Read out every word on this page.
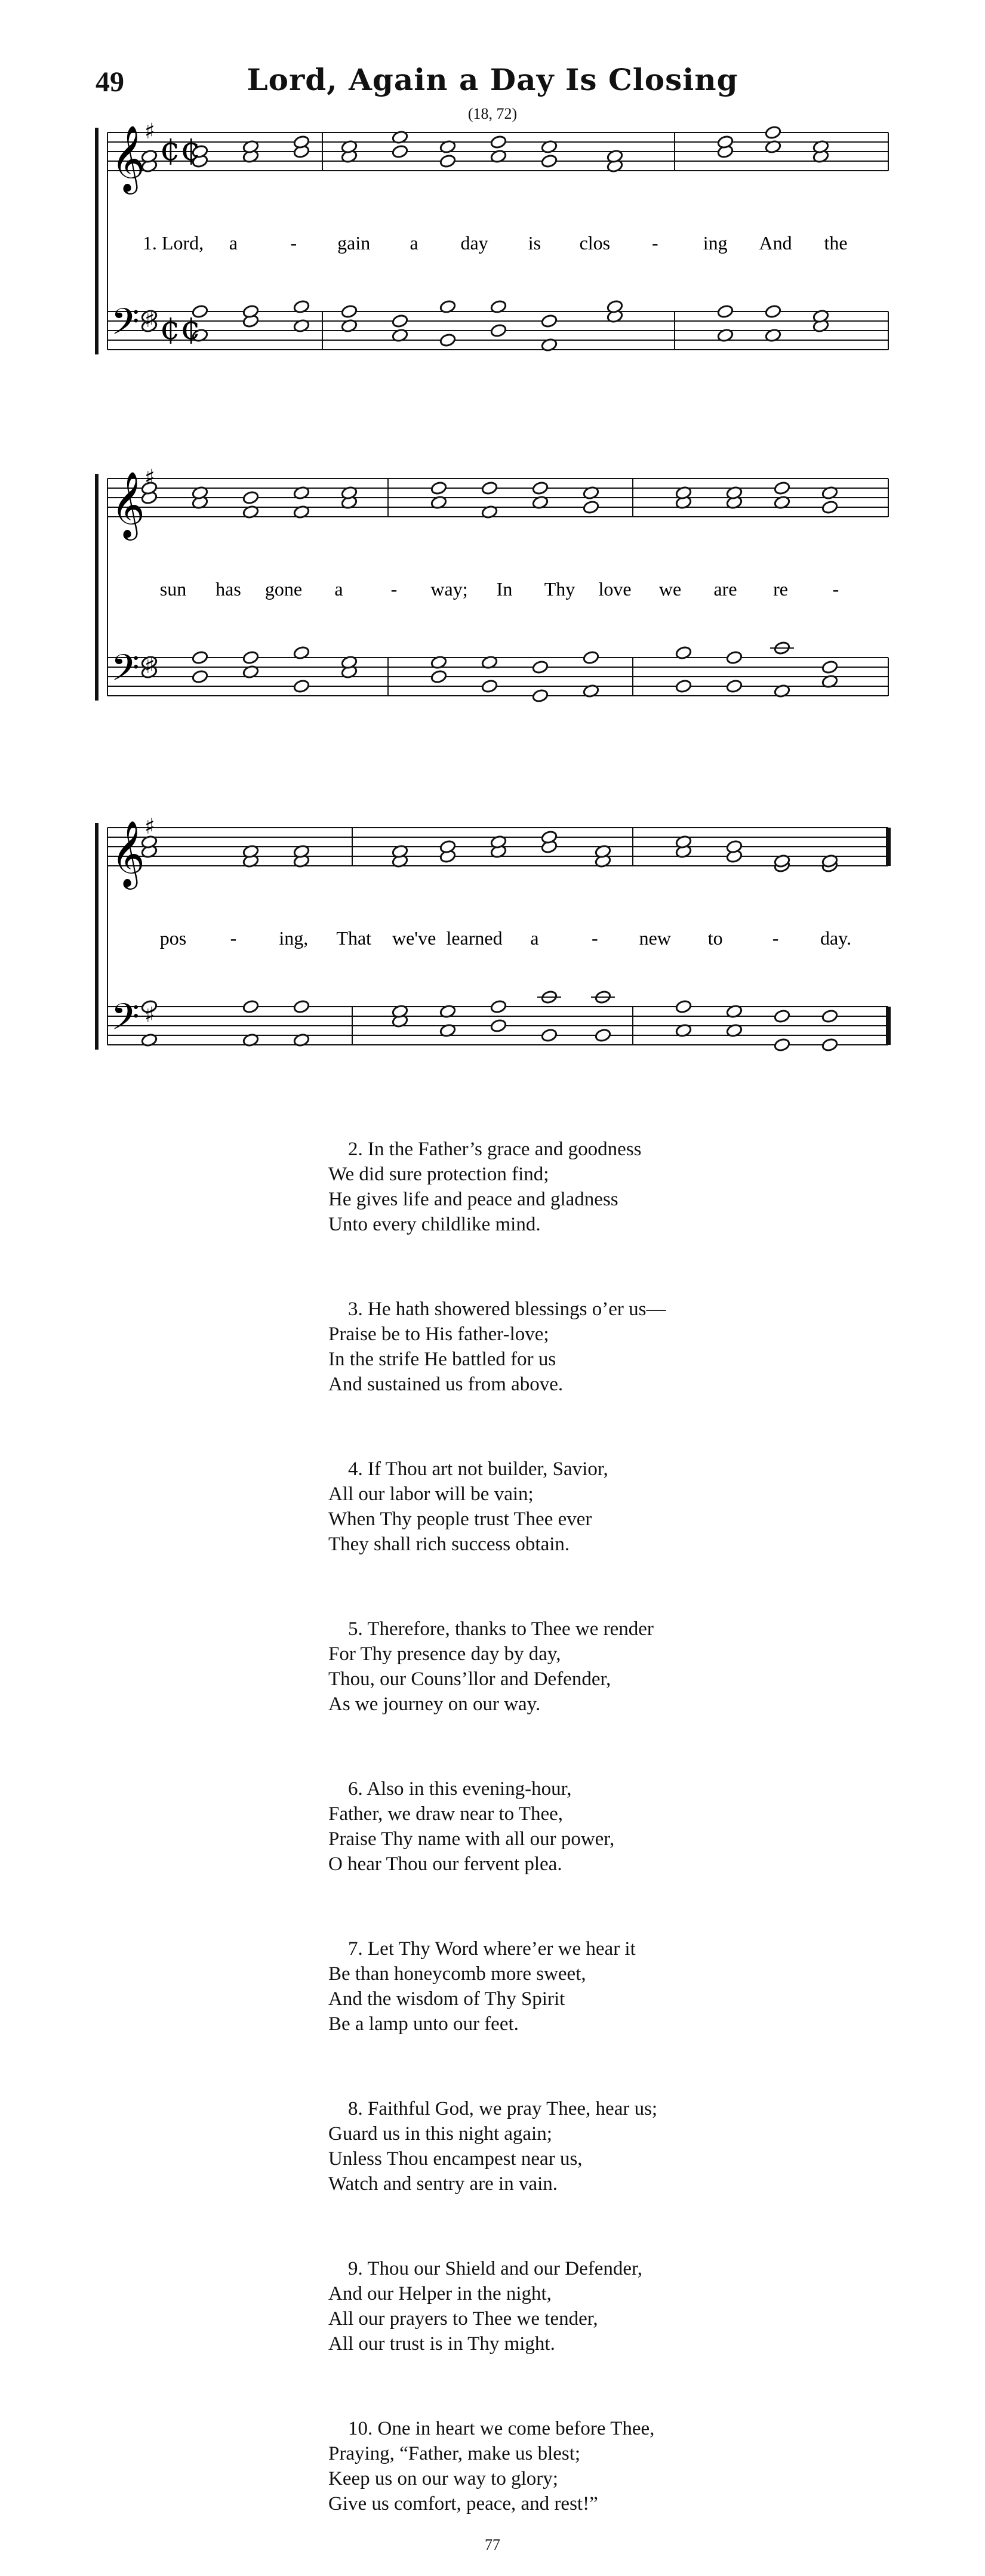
49	Lord, Again a Day Is Closing
(18, 72)
𝄞
𝄢
♯
♯
¢¢
¢¢
1. Lord, a	- gain a day is clos - ing And the
𝄞
𝄢
♯
♯
sun has gone a	- way; In Thy love we are re -
𝄞
𝄢
♯
♯
pos - ing, That we've learned a	- new to	- day.
2. In the Father’s grace and goodness
We did sure protection find;
He gives life and peace and gladness
Unto every childlike mind.
3. He hath showered blessings o’er us—
Praise be to His father-love;
In the strife He battled for us
And sustained us from above.
4. If Thou art not builder, Savior,
All our labor will be vain;
When Thy people trust Thee ever
They shall rich success obtain.
5. Therefore, thanks to Thee we render
For Thy presence day by day,
Thou, our Couns’llor and Defender,
As we journey on our way.
6. Also in this evening-hour,
Father, we draw near to Thee,
Praise Thy name with all our power,
O hear Thou our fervent plea.
7. Let Thy Word where’er we hear it
Be than honeycomb more sweet,
And the wisdom of Thy Spirit
Be a lamp unto our feet.
8. Faithful God, we pray Thee, hear us;
Guard us in this night again;
Unless Thou encampest near us,
Watch and sentry are in vain.
9. Thou our Shield and our Defender,
And our Helper in the night,
All our prayers to Thee we tender,
All our trust is in Thy might.
10. One in heart we come before Thee,
Praying, “Father, make us blest;
Keep us on our way to glory;
Give us comfort, peace, and rest!”
77
